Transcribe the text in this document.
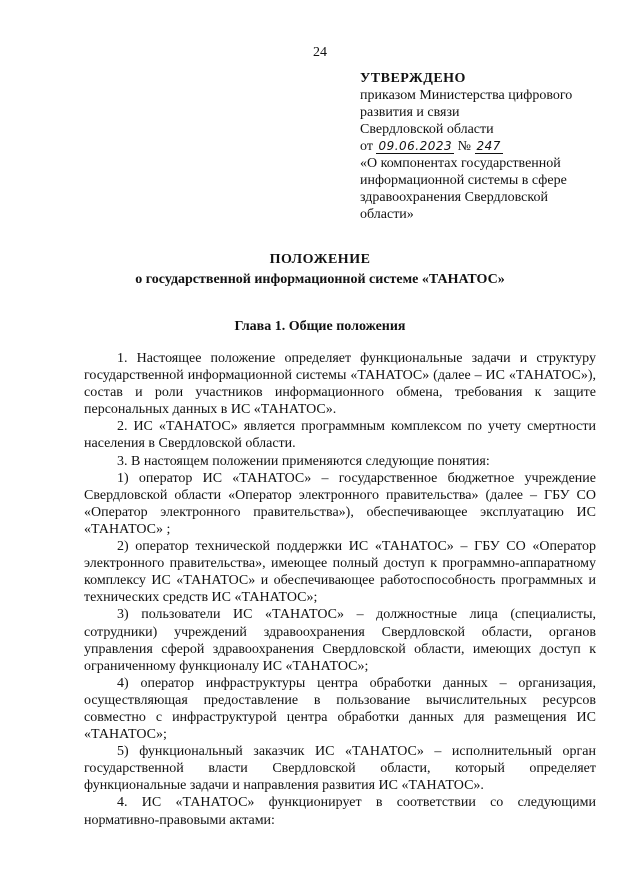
24
УТВЕРЖДЕНО
приказом Министерства цифрового
развития и связи
Свердловской области
от 09.06.2023 № 247
«О компонентах государственной информационной системы в сфере здравоохранения Свердловской области»
ПОЛОЖЕНИЕ
о государственной информационной системе «ТАНАТОС»
Глава 1. Общие положения

1. Настоящее положение определяет функциональные задачи и структуру государственной информационной системы «ТАНАТОС» (далее – ИС «ТАНАТОС»), состав и роли участников информационного обмена, требования к защите персональных данных в ИС «ТАНАТОС».

2. ИС «ТАНАТОС» является программным комплексом по учету смертности населения в Свердловской области.

3. В настоящем положении применяются следующие понятия:

1) оператор ИС «ТАНАТОС» – государственное бюджетное учреждение Свердловской области «Оператор электронного правительства» (далее – ГБУ СО «Оператор электронного правительства»), обеспечивающее эксплуатацию ИС «ТАНАТОС» ;

2) оператор технической поддержки ИС «ТАНАТОС» – ГБУ СО «Оператор электронного правительства», имеющее полный доступ к программно-аппаратному комплексу ИС «ТАНАТОС» и обеспечивающее работоспособность программных и технических средств ИС «ТАНАТОС»;

3) пользователи ИС «ТАНАТОС» – должностные лица (специалисты, сотрудники) учреждений здравоохранения Свердловской области, органов управления сферой здравоохранения Свердловской области, имеющих доступ к ограниченному функционалу ИС «ТАНАТОС»;

4) оператор инфраструктуры центра обработки данных – организация, осуществляющая предоставление в пользование вычислительных ресурсов совместно с инфраструктурой центра обработки данных для размещения ИС «ТАНАТОС»;

5) функциональный заказчик ИС «ТАНАТОС» – исполнительный орган государственной власти Свердловской области, который определяет функциональные задачи и направления развития ИС «ТАНАТОС».

4. ИС «ТАНАТОС» функционирует в соответствии со следующими нормативно-правовыми актами:
